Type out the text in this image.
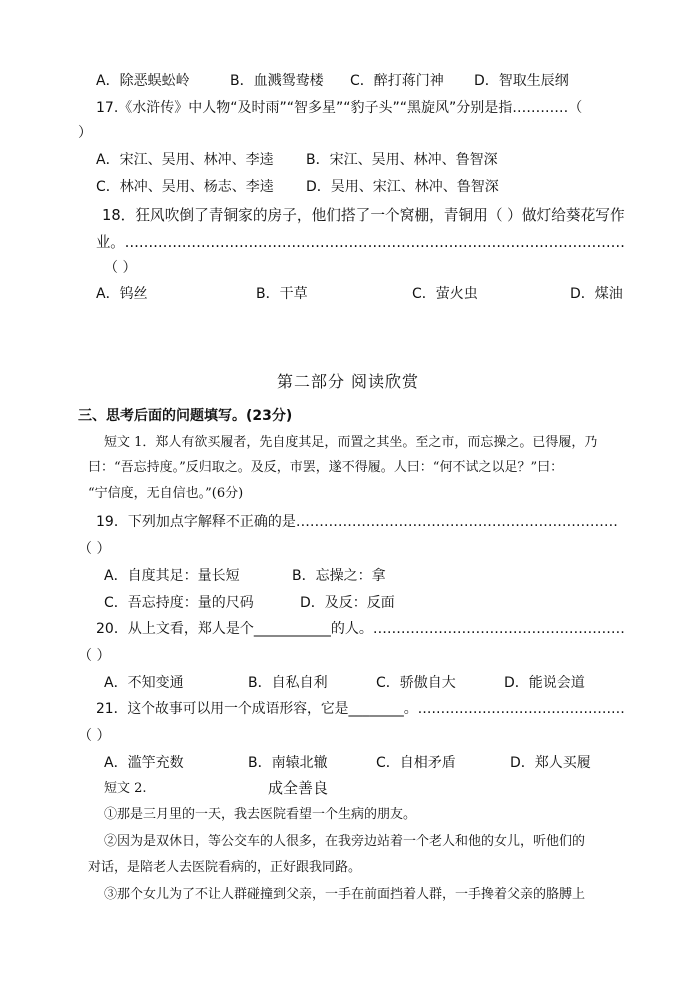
A．除恶蜈蚣岭	B．血溅鸳鸯楼 C．醉打蒋门神 D．智取生辰纲
17.《水浒传》中人物“及时雨”“智多星”“豹子头”“黑旋风”分别是指…………（
）
A．宋江、吴用、林冲、李逵 B．宋江、吴用、林冲、鲁智深
C．林冲、吴用、杨志、李逵 D．吴用、宋江、林冲、鲁智深
18．狂风吹倒了青铜家的房子，他们搭了一个窝棚，青铜用（ ）做灯给葵花写作
业。……………………………………………………………………………………………
（ ）
A．钨丝	B．干草	C．萤火虫	D．煤油
第二部分 阅读欣赏
三、思考后面的问题填写。(23分)
短文 1．郑人有欲买履者，先自度其足，而置之其坐。至之市，而忘操之。已得履，乃
曰：“吾忘持度。”反归取之。及反，市罢，遂不得履。人曰：“何不试之以足？”曰：
“宁信度，无自信也。”(6分)
19．下列加点字解释不正确的是……………………………………………………………
（ ）
A．自度其足：量长短	B．忘操之：拿
C．吾忘持度：量的尺码	D．及反：反面
20．从上文看，郑人是个___________的人。………………………………………………
（ ）
A．不知变通	B．自私自利	C．骄傲自大	D．能说会道
21．这个故事可以用一个成语形容，它是________。………………………………………
（ ）
A．滥竽充数	B．南辕北辙	C．自相矛盾	D．郑人买履
短文 2.	成全善良
①那是三月里的一天，我去医院看望一个生病的朋友。
②因为是双休日，等公交车的人很多，在我旁边站着一个老人和他的女儿，听他们的
对话，是陪老人去医院看病的，正好跟我同路。
③那个女儿为了不让人群碰撞到父亲，一手在前面挡着人群，一手搀着父亲的胳膊上
